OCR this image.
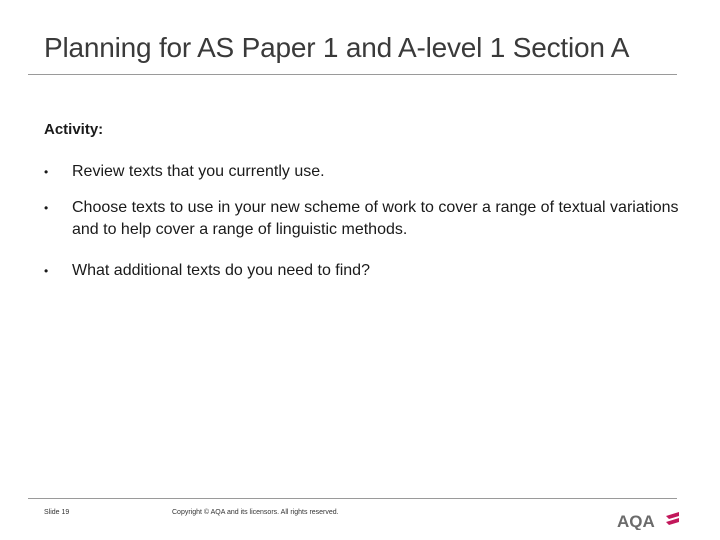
Planning for AS Paper 1 and A-level 1 Section A
Activity:
•	Review texts that you currently use.
•	Choose texts to use in your new scheme of work to cover a range of textual variations and to help cover a range of linguistic methods.
•	What additional texts do you need to find?
Slide 19	Copyright © AQA and its licensors. All rights reserved.	AQA
